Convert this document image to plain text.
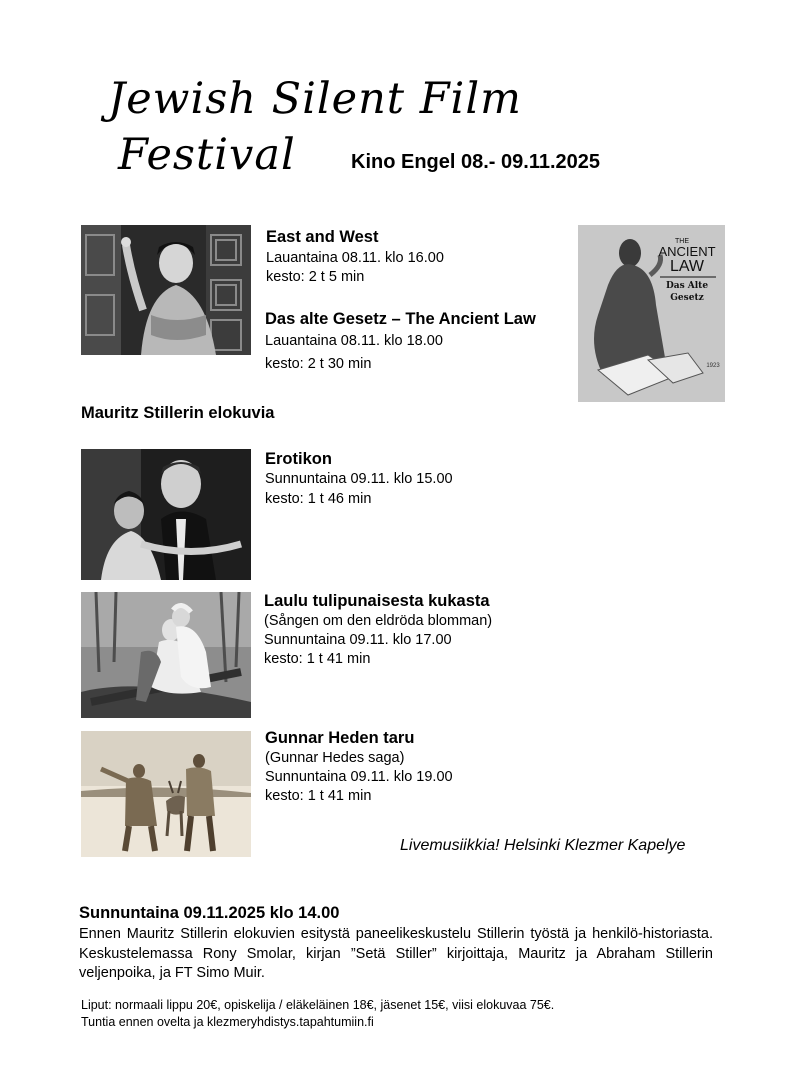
Jewish Silent Film
Festival	Kino Engel 08.- 09.11.2025
East and West
Lauantaina 08.11. klo 16.00
kesto: 2 t 5 min
Das alte Gesetz – The Ancient Law
Lauantaina 08.11. klo 18.00
kesto: 2 t 30 min
THE
ANCIENT
LAW
Das Alte
Gesetz
1923
Mauritz Stillerin elokuvia
Erotikon
Sunnuntaina 09.11. klo 15.00
kesto: 1 t 46 min
Laulu tulipunaisesta kukasta
(Sången om den eldröda blomman)
Sunnuntaina 09.11. klo 17.00
kesto: 1 t 41 min
Gunnar Heden taru
(Gunnar Hedes saga)
Sunnuntaina 09.11. klo 19.00
kesto: 1 t 41 min
Livemusiikkia! Helsinki Klezmer Kapelye
Sunnuntaina 09.11.2025 klo 14.00
Ennen Mauritz Stillerin elokuvien esitystä paneelikeskustelu Stillerin työstä ja henkilö-historiasta. Keskustelemassa Rony Smolar, kirjan ”Setä Stiller” kirjoittaja, Mauritz ja Abraham Stillerin veljenpoika, ja FT Simo Muir.
Liput: normaali lippu 20€, opiskelija / eläkeläinen 18€, jäsenet 15€, viisi elokuvaa 75€.
Tuntia ennen ovelta ja klezmeryhdistys.tapahtumiin.fi
